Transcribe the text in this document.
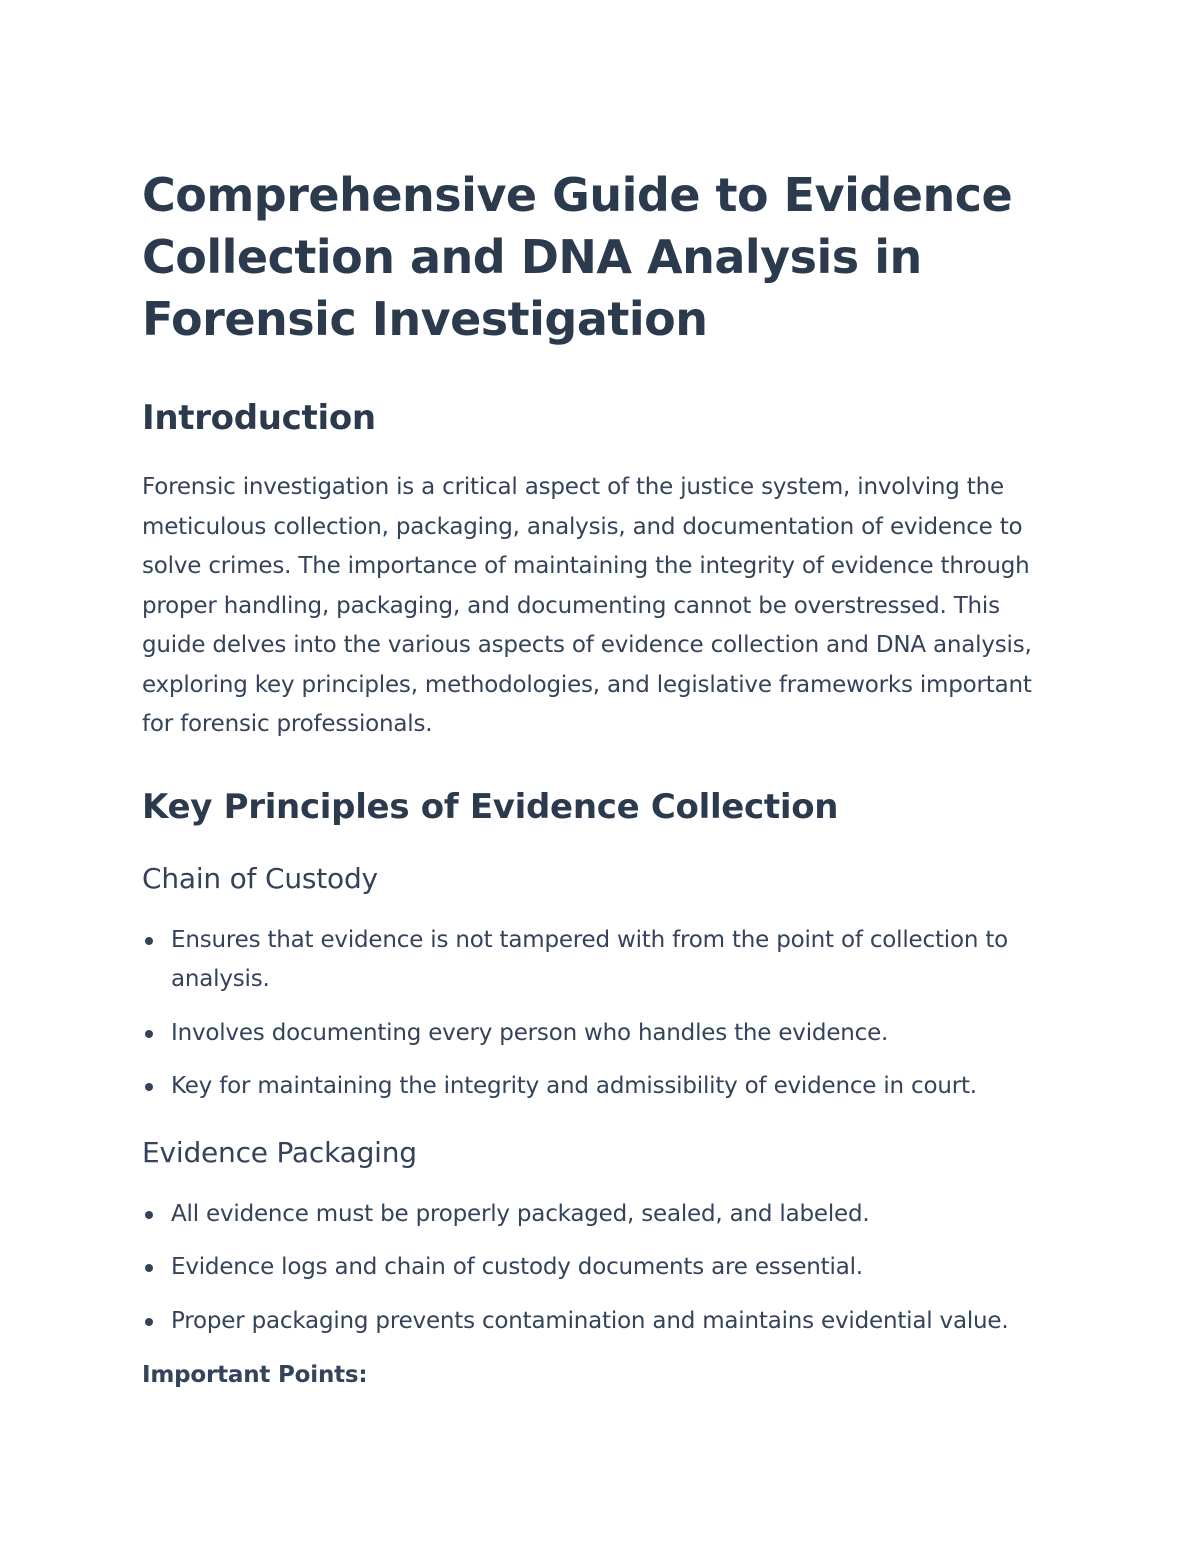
Comprehensive Guide to Evidence Collection and DNA Analysis in Forensic Investigation
Introduction

Forensic investigation is a critical aspect of the justice system, involving the meticulous collection, packaging, analysis, and documentation of evidence to solve crimes. The importance of maintaining the integrity of evidence through proper handling, packaging, and documenting cannot be overstressed. This guide delves into the various aspects of evidence collection and DNA analysis, exploring key principles, methodologies, and legislative frameworks important for forensic professionals.

Key Principles of Evidence Collection
Chain of Custody
Ensures that evidence is not tampered with from the point of collection to analysis.
Involves documenting every person who handles the evidence.
Key for maintaining the integrity and admissibility of evidence in court.
Evidence Packaging
All evidence must be properly packaged, sealed, and labeled.
Evidence logs and chain of custody documents are essential.
Proper packaging prevents contamination and maintains evidential value.
Important Points:
